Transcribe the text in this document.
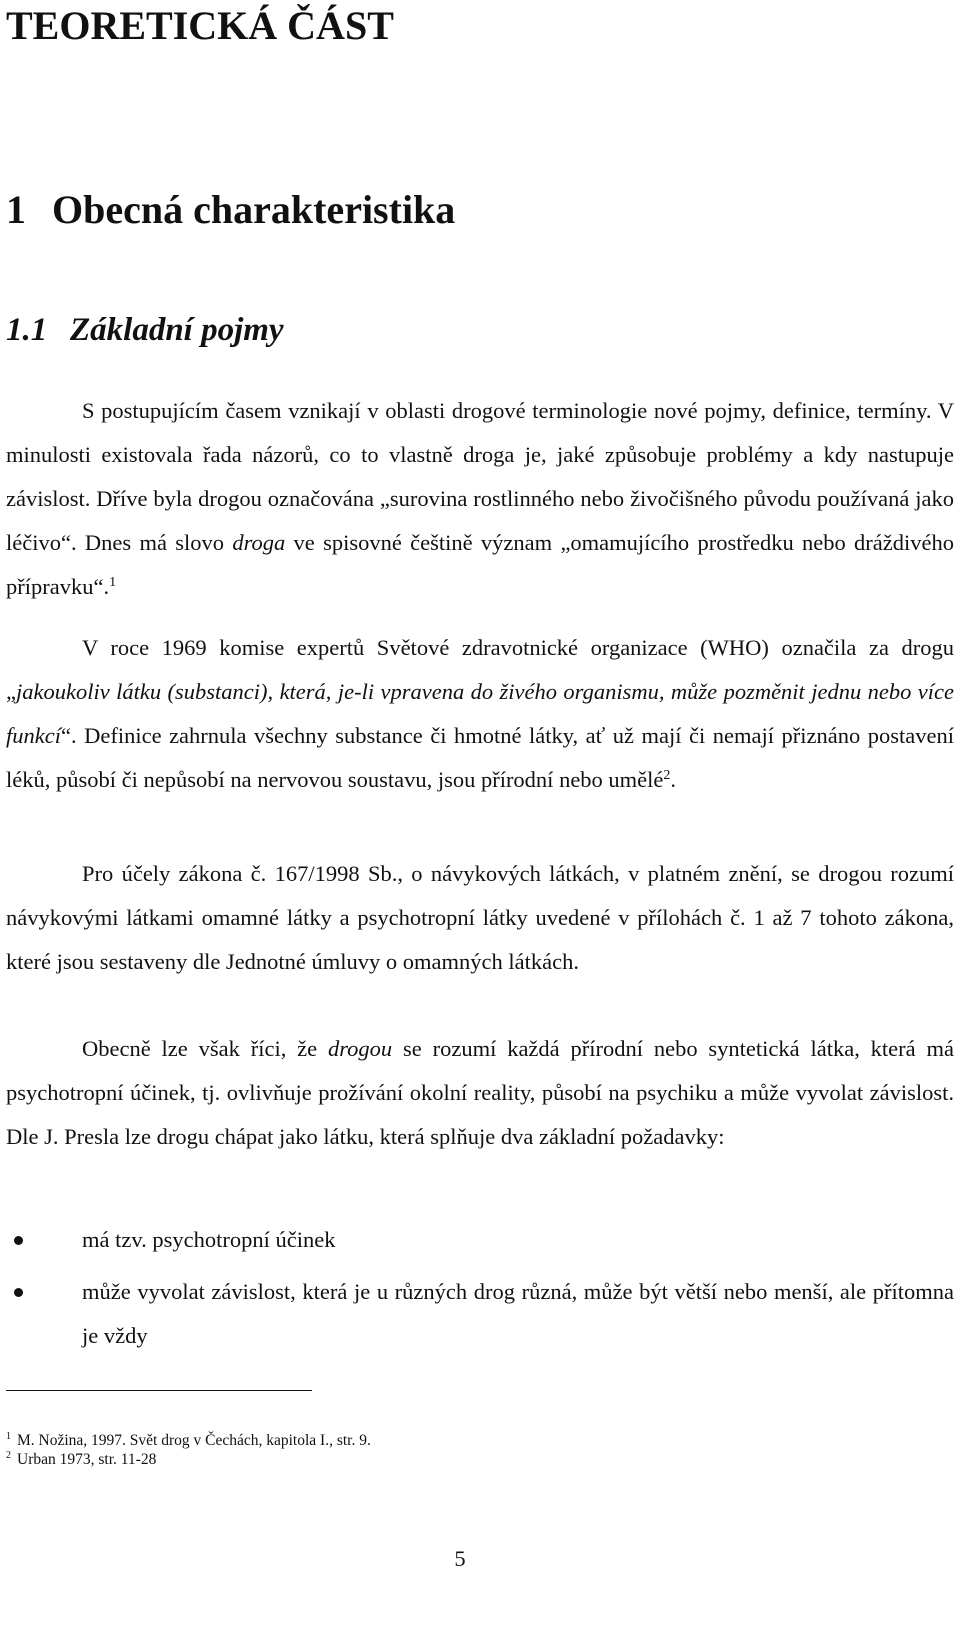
TEORETICKÁ ČÁST
1 Obecná charakteristika
1.1 Základní pojmy

S postupujícím časem vznikají v oblasti drogové terminologie nové pojmy, definice, termíny. V minulosti existovala řada názorů, co to vlastně droga je, jaké způsobuje problémy a kdy nastupuje závislost. Dříve byla drogou označována „surovina rostlinného nebo živočišného původu používaná jako léčivo“. Dnes má slovo droga ve spisovné češtině význam „omamujícího prostředku nebo dráždivého přípravku“.$^1$

V roce 1969 komise expertů Světové zdravotnické organizace (WHO) označila za drogu „jakoukoliv látku (substanci), která, je-li vpravena do živého organismu, může pozměnit jednu nebo více funkcí“. Definice zahrnula všechny substance či hmotné látky, ať už mají či nemají přiznáno postavení léků, působí či nepůsobí na nervovou soustavu, jsou přírodní nebo umělé$^2$.

Pro účely zákona č. 167/1998 Sb., o návykových látkách, v platném znění, se drogou rozumí návykovými látkami omamné látky a psychotropní látky uvedené v přílohách č. 1 až 7 tohoto zákona, které jsou sestaveny dle Jednotné úmluvy o omamných látkách.

Obecně lze však říci, že drogou se rozumí každá přírodní nebo syntetická látka, která má psychotropní účinek, tj. ovlivňuje prožívání okolní reality, působí na psychiku a může vyvolat závislost. Dle J. Presla lze drogu chápat jako látku, která splňuje dva základní požadavky:

má tzv. psychotropní účinek
může vyvolat závislost, která je u různých drog různá, může být větší nebo menší, ale přítomna je vždy
$^1$ M. Nožina, 1997. Svět drog v Čechách, kapitola I., str. 9.
$^2$ Urban 1973, str. 11-28
5
